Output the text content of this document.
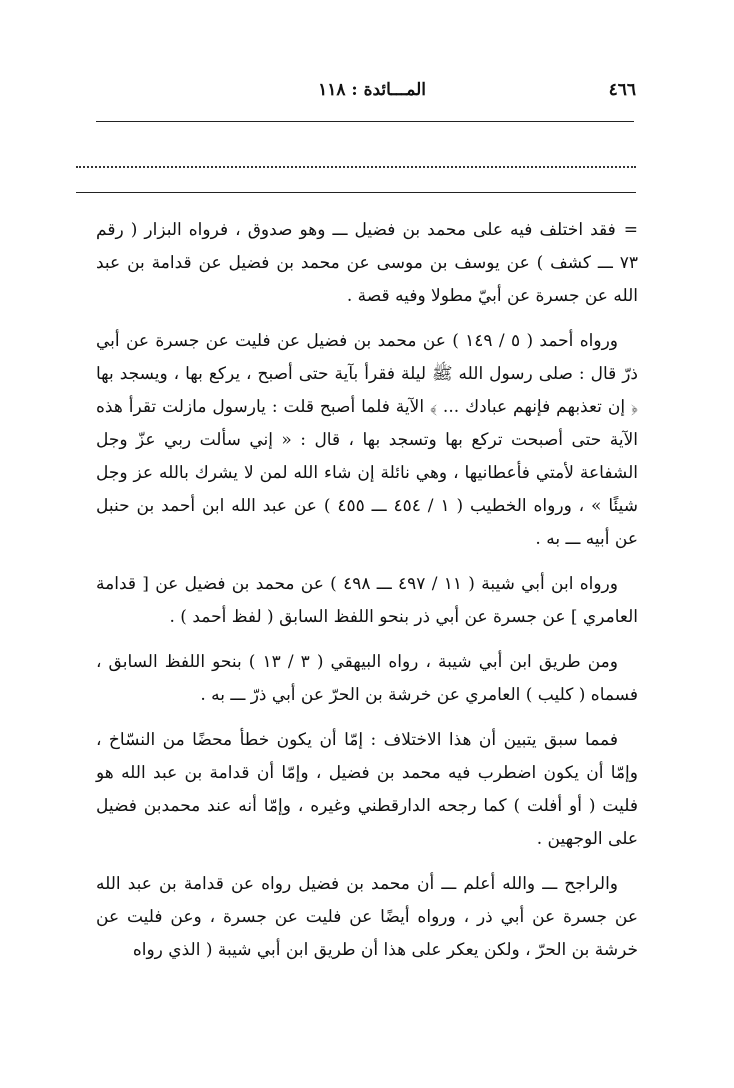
٤٦٦
المـــائدة : ١١٨

=فقد اختلف فيه على محمد بن فضيل ـــ وهو صدوق ، فرواه البزار ( رقم ٧٣ ـــ كشف ) عن يوسف بن موسى عن محمد بن فضيل عن قدامة بن عبد الله عن جسرة عن أبيّ مطولا وفيه قصة .

ورواه أحمد ( ٥ / ١٤٩ ) عن محمد بن فضيل عن فليت عن جسرة عن أبي ذرّ قال : صلى رسول الله ﷺ ليلة فقرأ بآية حتى أصبح ، يركع بها ، ويسجد بها ﴿ إن تعذبهم فإنهم عبادك ... ﴾ الآية فلما أصبح قلت : يارسول مازلت تقرأ هذه الآية حتى أصبحت تركع بها وتسجد بها ، قال : « إني سألت ربي عزّ وجل الشفاعة لأمتي فأعطانيها ، وهي نائلة إن شاء الله لمن لا يشرك بالله عز وجل شيئًا » ، ورواه الخطيب ( ١ / ٤٥٤ ـــ ٤٥٥ ) عن عبد الله ابن أحمد بن حنبل عن أبيه ـــ به .

ورواه ابن أبي شيبة ( ١١ / ٤٩٧ ـــ ٤٩٨ ) عن محمد بن فضيل عن [ قدامة العامري ] عن جسرة عن أبي ذر بنحو اللفظ السابق ( لفظ أحمد ) .

ومن طريق ابن أبي شيبة ، رواه البيهقي ( ٣ / ١٣ ) بنحو اللفظ السابق ، فسماه ( كليب ) العامري عن خرشة بن الحرّ عن أبي ذرّ ـــ به .

فمما سبق يتبين أن هذا الاختلاف : إمّا أن يكون خطأ محضًا من النسّاخ ، وإمّا أن يكون اضطرب فيه محمد بن فضيل ، وإمّا أن قدامة بن عبد الله هو فليت ( أو أفلت ) كما رجحه الدارقطني وغيره ، وإمّا أنه عند محمدبن فضيل على الوجهين .

والراجح ـــ والله أعلم ـــ أن محمد بن فضيل رواه عن قدامة بن عبد الله عن جسرة عن أبي ذر ، ورواه أيضًا عن فليت عن جسرة ، وعن فليت عن خرشة بن الحرّ ، ولكن يعكر على هذا أن طريق ابن أبي شيبة ( الذي رواه
